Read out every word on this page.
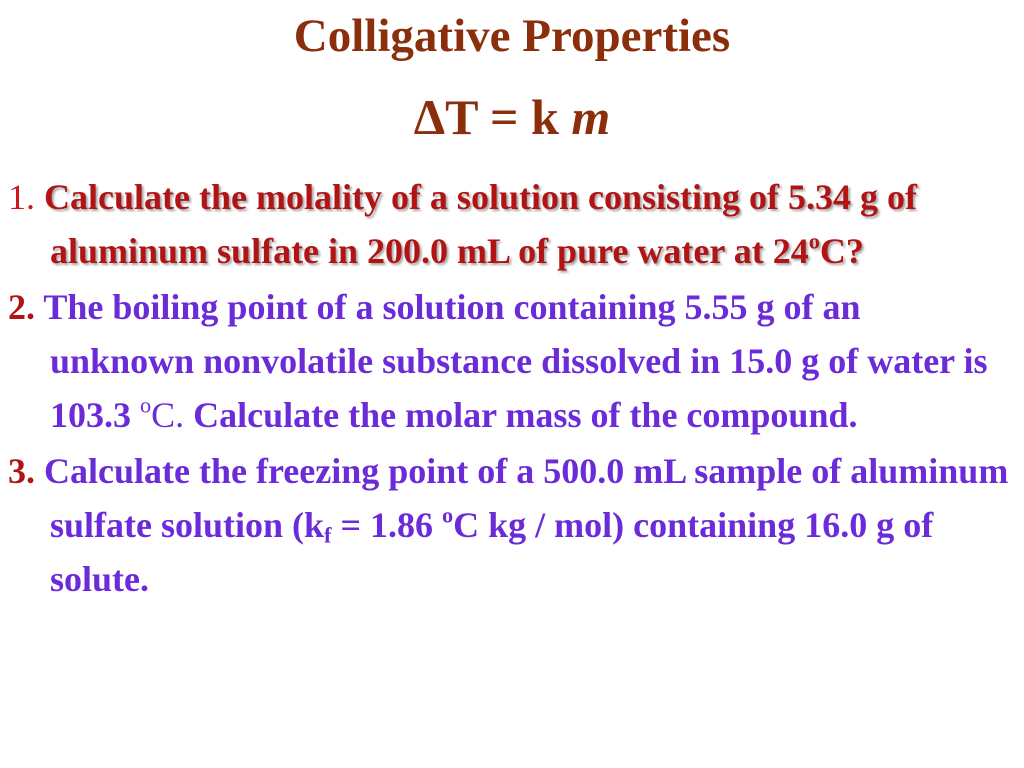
Colligative Properties
ΔT = k m

1. Calculate the molality of a solution consisting of 5.34 g of aluminum sulfate in 200.0 mL of pure water at 24$^o$C?

2. The boiling point of a solution containing 5.55 g of an unknown nonvolatile substance dissolved in 15.0 g of water is 103.3 $^o$C. Calculate the molar mass of the compound.

3. Calculate the freezing point of a 500.0 mL sample of aluminum sulfate solution ($k_f = 1.86$ $^o$C kg / mol) containing 16.0 g of solute.
